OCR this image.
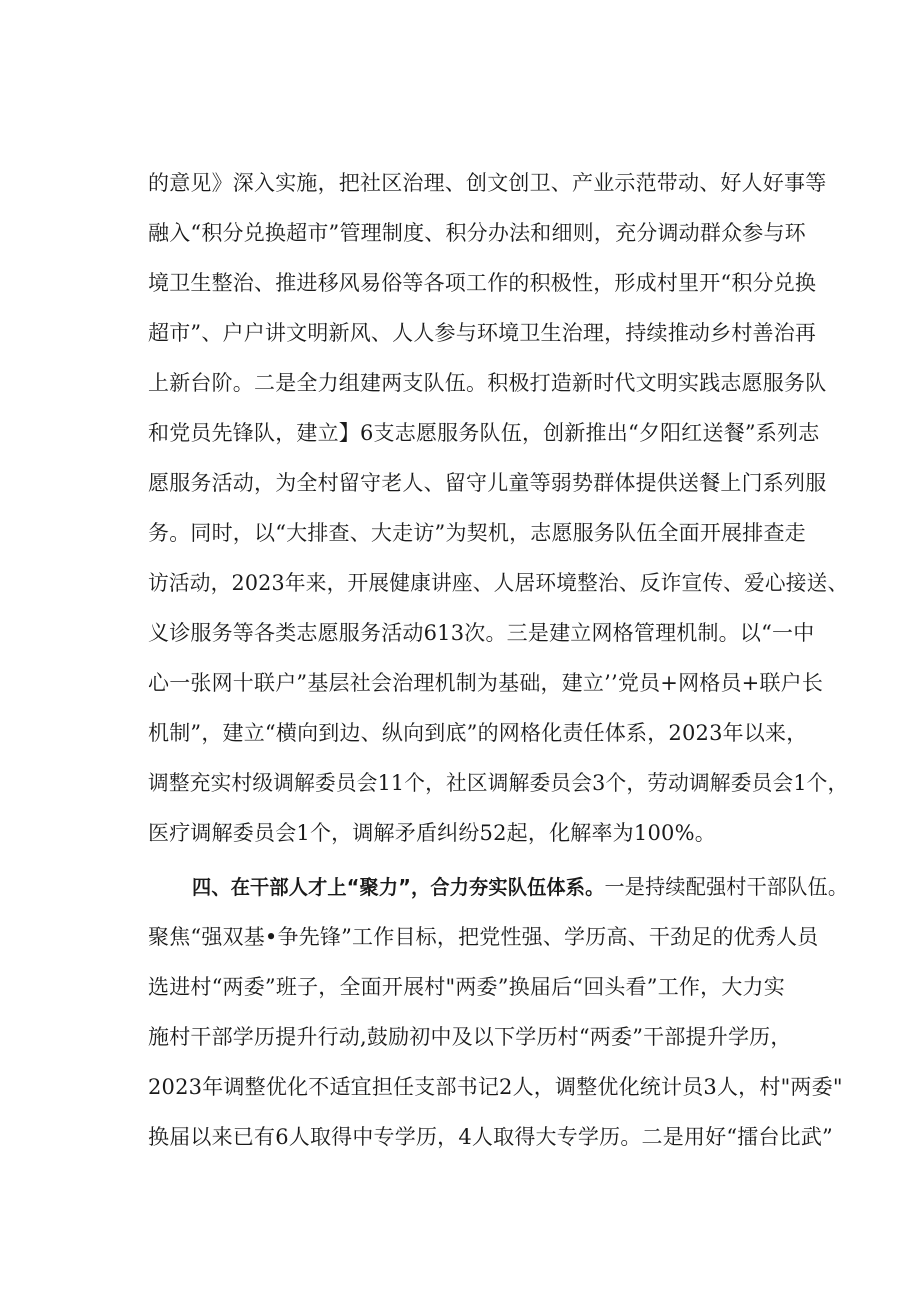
的意见》深入实施，把社区治理、创文创卫、产业示范带动、好人好事等
融入“积分兑换超市”管理制度、积分办法和细则，充分调动群众参与环
境卫生整治、推进移风易俗等各项工作的积极性，形成村里开“积分兑换
超市”、户户讲文明新风、人人参与环境卫生治理，持续推动乡村善治再
上新台阶。二是全力组建两支队伍。积极打造新时代文明实践志愿服务队
和党员先锋队，建立】6支志愿服务队伍，创新推出“夕阳红送餐”系列志
愿服务活动，为全村留守老人、留守儿童等弱势群体提供送餐上门系列服
务。同时，以“大排查、大走访”为契机，志愿服务队伍全面开展排查走
访活动，2023年来，开展健康讲座、人居环境整治、反诈宣传、爱心接送、
义诊服务等各类志愿服务活动613次。三是建立网格管理机制。以“一中
心一张网十联户”基层社会治理机制为基础，建立’’党员+网格员+联户长
机制”，建立“横向到边、纵向到底”的网格化责任体系，2023年以来，
调整充实村级调解委员会11个，社区调解委员会3个，劳动调解委员会1个，
医疗调解委员会1个，调解矛盾纠纷52起，化解率为100%。
四、在干部人才上“聚力”，合力夯实队伍体系。一是持续配强村干部队伍。
聚焦“强双基•争先锋”工作目标，把党性强、学历高、干劲足的优秀人员
选进村“两委”班子，全面开展村"两委”换届后“回头看”工作，大力实
施村干部学历提升行动,鼓励初中及以下学历村“两委”干部提升学历，
2023年调整优化不适宜担任支部书记2人，调整优化统计员3人，村"两委"
换届以来已有6人取得中专学历，4人取得大专学历。二是用好“擂台比武”
